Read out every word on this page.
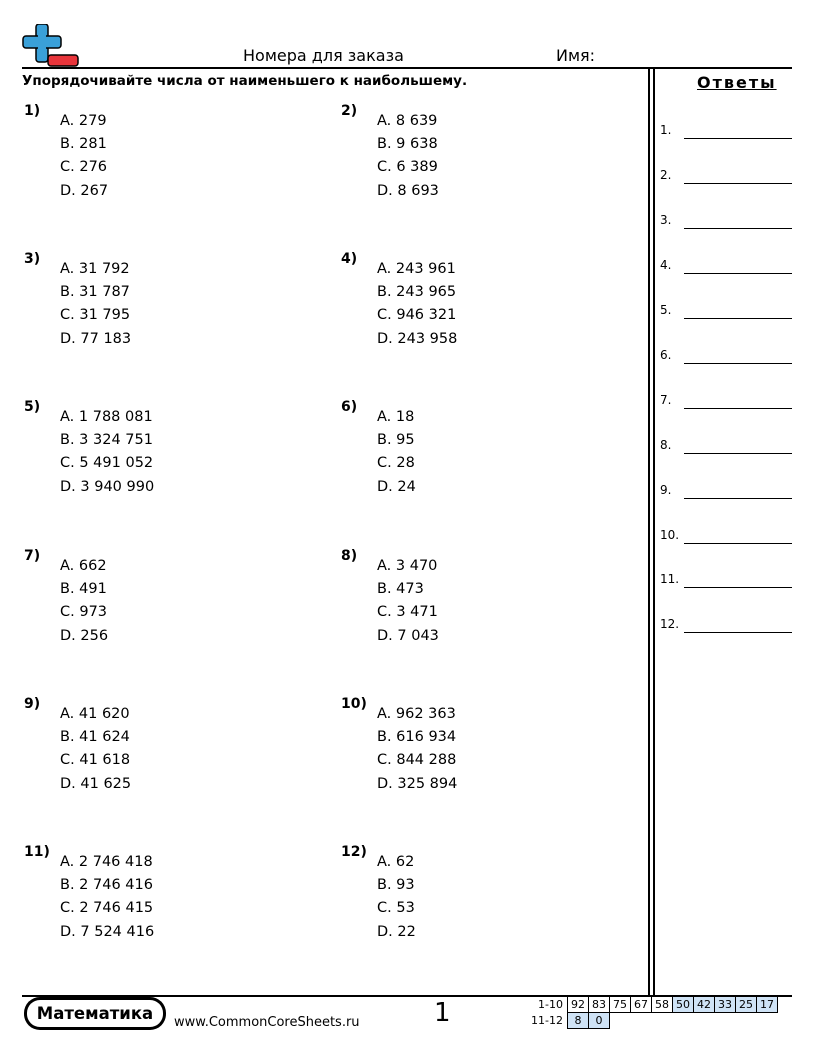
Номера для заказа	Имя:
Упорядочивайте числа от наименьшего к наибольшему.	Ответы
1.
2.
3.
4.
5.
6.
7.
8.
9.
10.
11.
12.
1)
A. 279
B. 281
C. 276
D. 267
2)
A. 8 639
B. 9 638
C. 6 389
D. 8 693
3)
A. 31 792
B. 31 787
C. 31 795
D. 77 183
4)
A. 243 961
B. 243 965
C. 946 321
D. 243 958
5)
A. 1 788 081
B. 3 324 751
C. 5 491 052
D. 3 940 990
6)
A. 18
B. 95
C. 28
D. 24
7)
A. 662
B. 491
C. 973
D. 256
8)
A. 3 470
B. 473
C. 3 471
D. 7 043
9)
A. 41 620
B. 41 624
C. 41 618
D. 41 625
10)
A. 962 363
B. 616 934
C. 844 288
D. 325 894
11)
A. 2 746 418
B. 2 746 416
C. 2 746 415
D. 7 524 416
12)
A. 62
B. 93
C. 53
D. 22
Математика	www.CommonCoreSheets.ru	1	1-10	92	83	75	67	58	50	42	33	25	17
11-12	8	0								
